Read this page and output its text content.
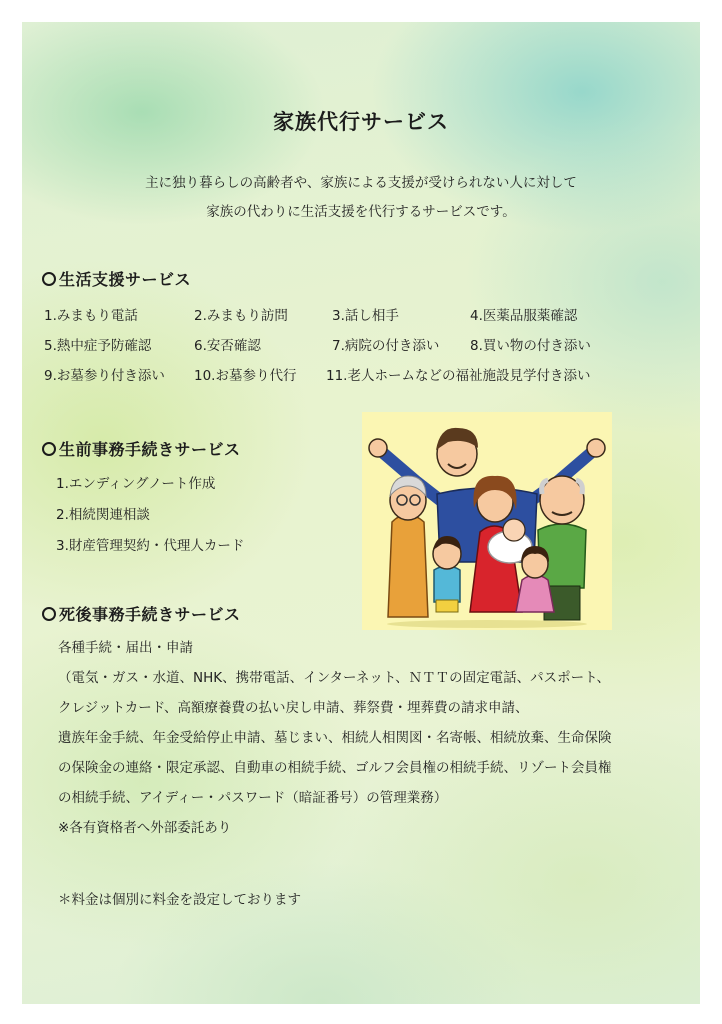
家族代行サービス
主に独り暮らしの高齢者や、家族による支援が受けられない人に対して
家族の代わりに生活支援を代行するサービスです。
生活支援サービス
1.みまもり電話	2.みまもり訪問	3.話し相手	4.医薬品服薬確認
5.熱中症予防確認	6.安否確認	7.病院の付き添い 8.買い物の付き添い
9.お墓参り付き添い 10.お墓参り代行 11.老人ホームなどの福祉施設見学付き添い
生前事務手続きサービス
1.エンディングノート作成
2.相続関連相談
3.財産管理契約・代理人カード
死後事務手続きサービス
各種手続・届出・申請
（電気・ガス・水道、NHK、携帯電話、インターネット、ＮＴＴの固定電話、パスポート、
クレジットカード、高額療養費の払い戻し申請、葬祭費・埋葬費の請求申請、
遺族年金手続、年金受給停止申請、墓じまい、相続人相関図・名寄帳、相続放棄、生命保険
の保険金の連絡・限定承認、自動車の相続手続、ゴルフ会員権の相続手続、リゾート会員権
の相続手続、アイディー・パスワード（暗証番号）の管理業務）
※各有資格者へ外部委託あり
＊料金は個別に料金を設定しております
